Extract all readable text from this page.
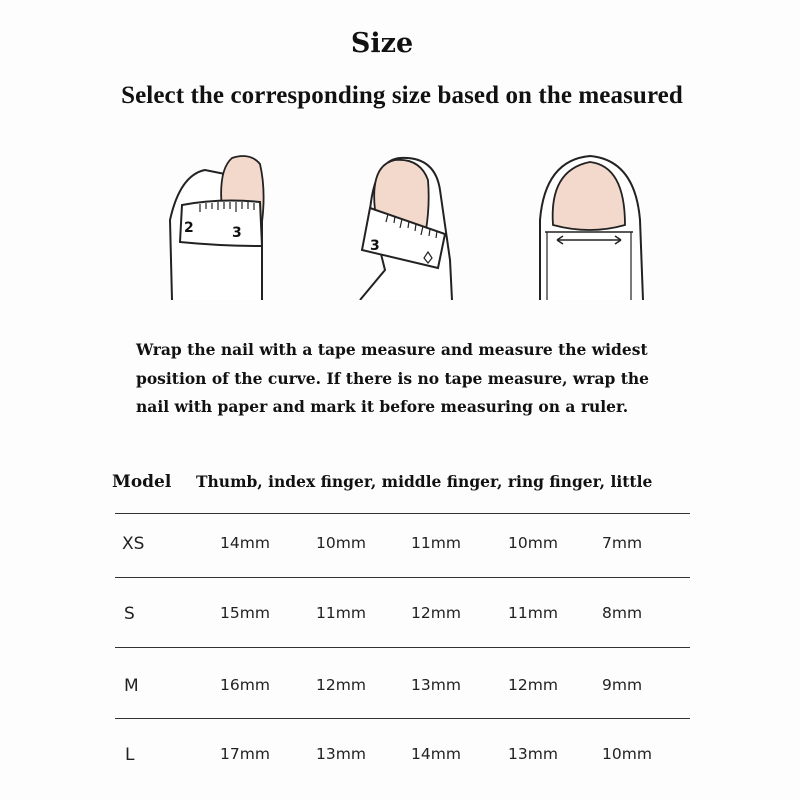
Size
Select the corresponding size based on the measured
2	3
3
Wrap the nail with a tape measure and measure the widest
position of the curve. If there is no tape measure, wrap the
nail with paper and mark it before measuring on a ruler.
Model Thumb, index finger, middle finger, ring finger, little
XS	14mm	10mm	11mm	10mm	7mm
S	15mm	11mm	12mm	11mm	8mm
M	16mm	12mm	13mm	12mm	9mm
L	17mm	13mm	14mm	13mm	10mm
